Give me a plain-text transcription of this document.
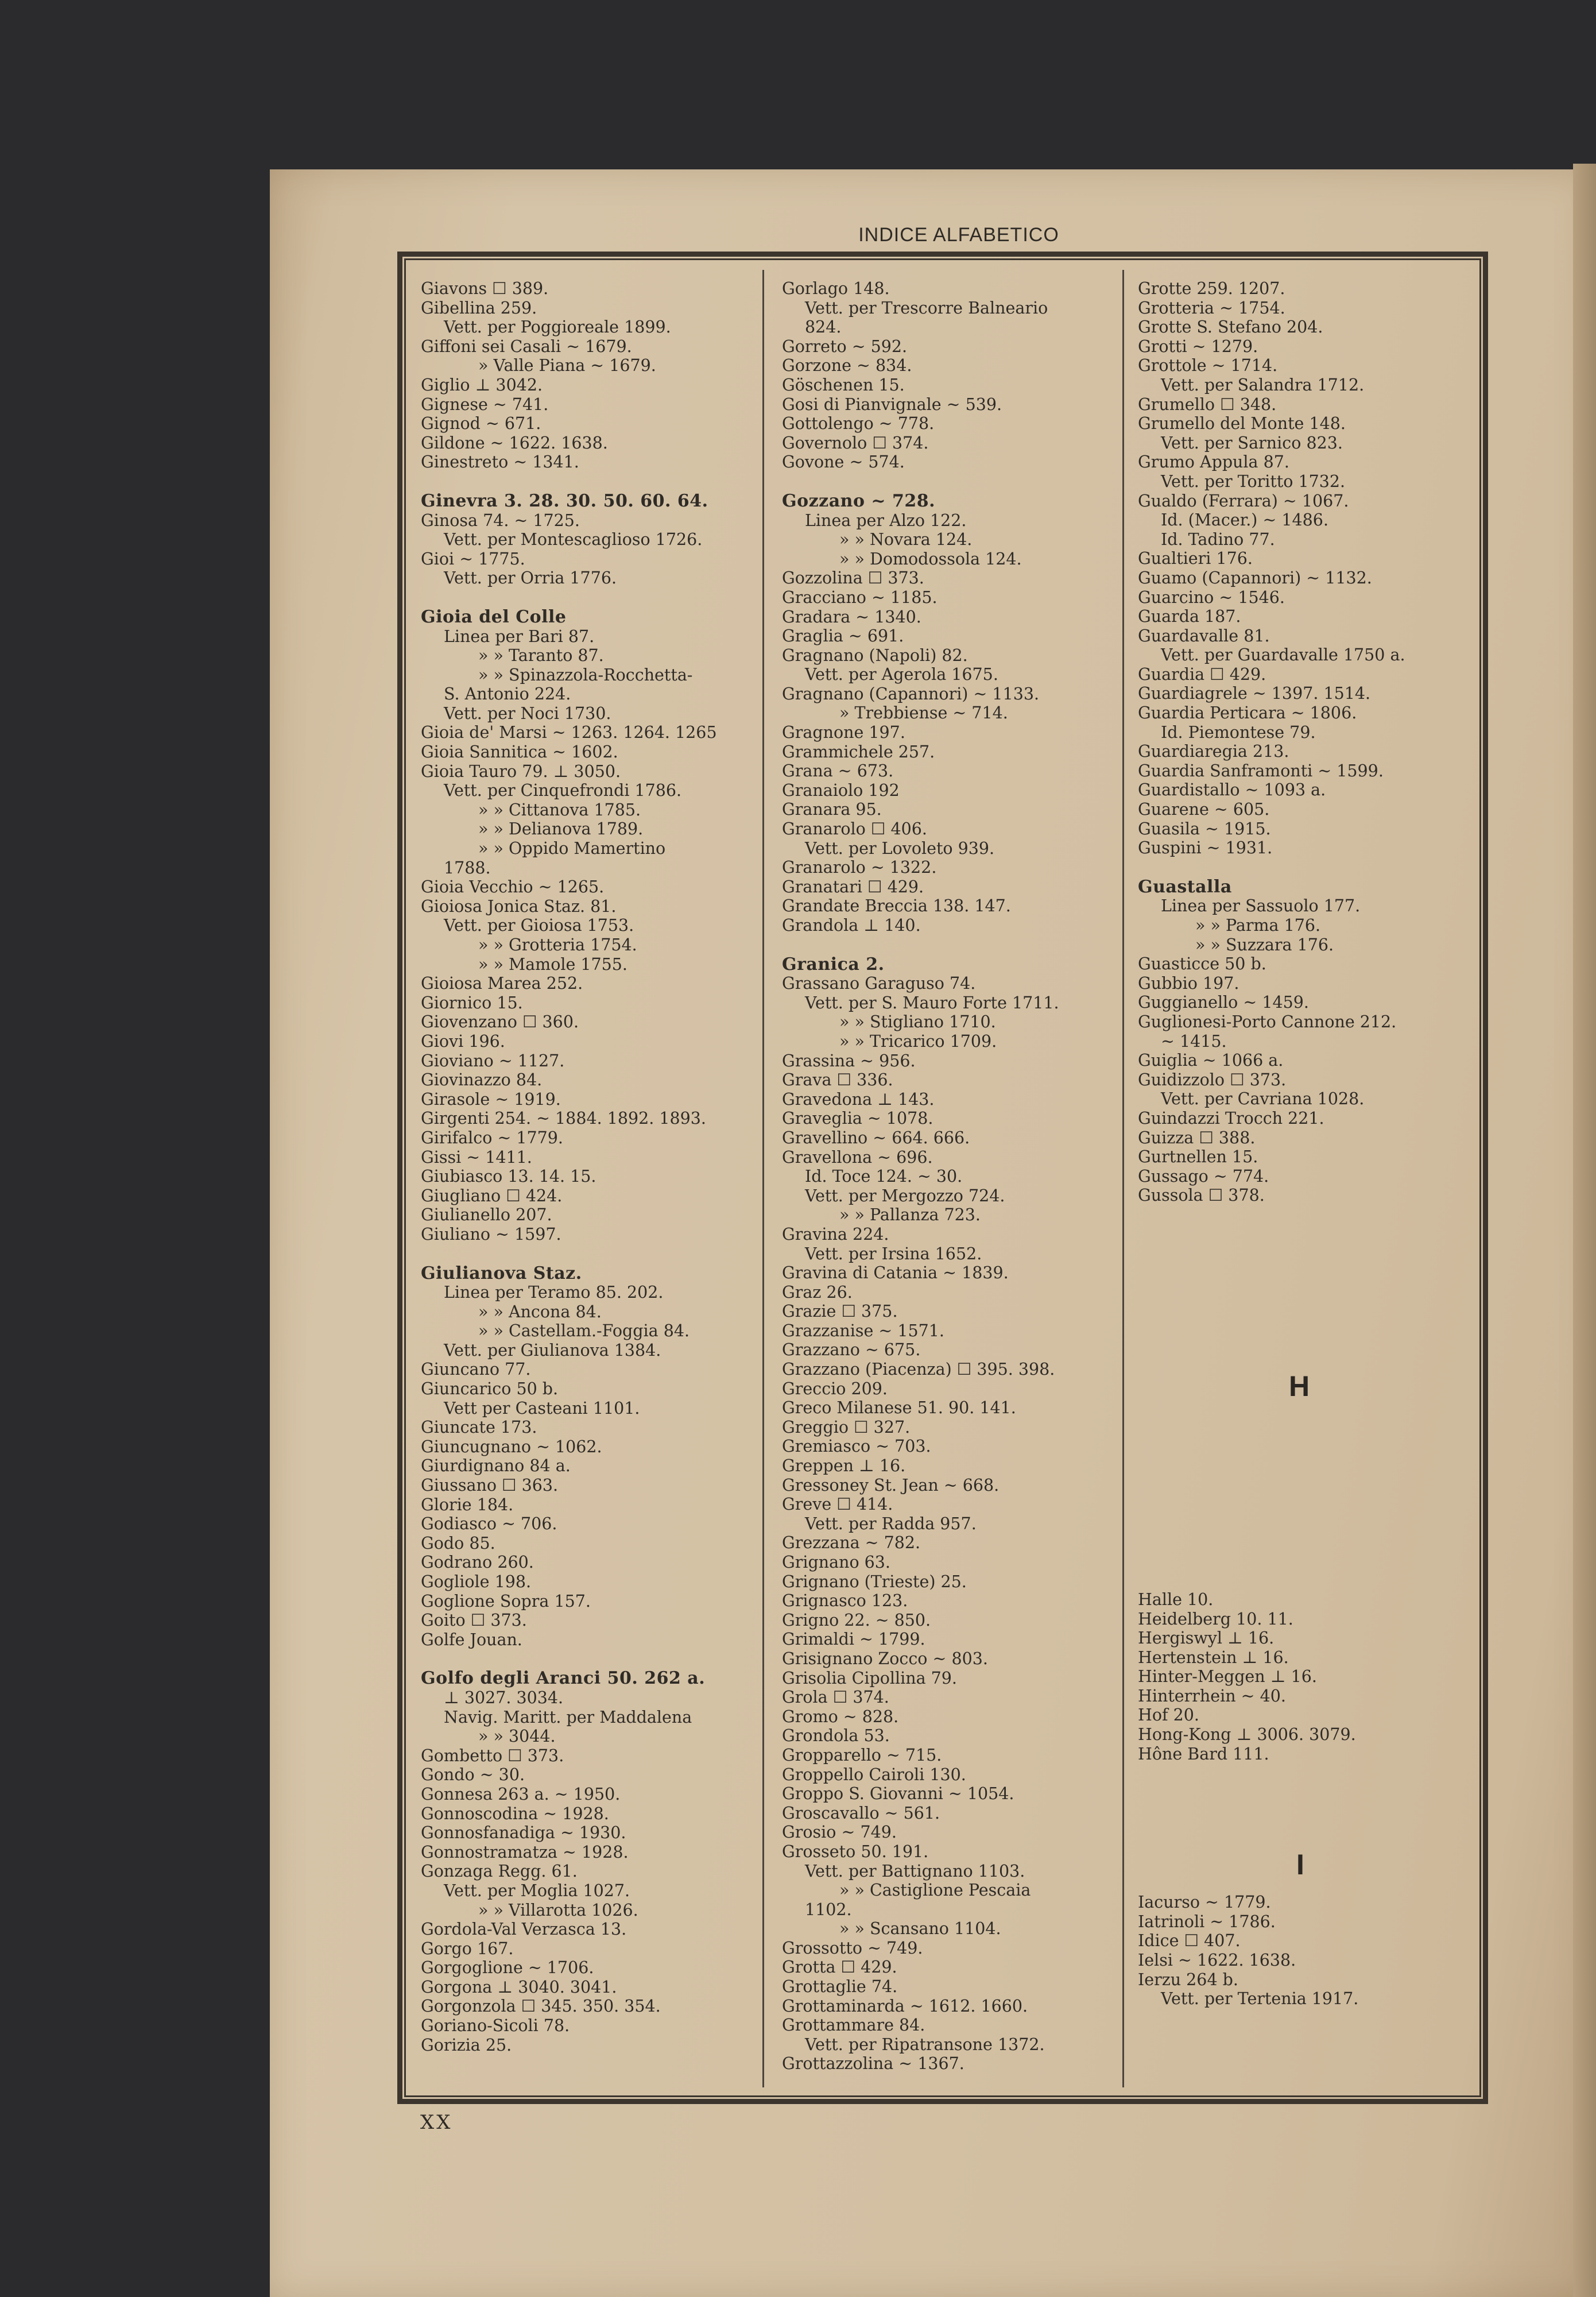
INDICE ALFABETICO
Giavons ☐ 389.
Gibellina 259.
Vett. per Poggioreale 1899.
Giffoni sei Casali ~ 1679.
» Valle Piana ~ 1679.
Giglio ⊥ 3042.
Gignese ~ 741.
Gignod ~ 671.
Gildone ~ 1622. 1638.
Ginestreto ~ 1341.
Ginevra 3. 28. 30. 50. 60. 64.
Ginosa 74. ~ 1725.
Vett. per Montescaglioso 1726.
Gioi ~ 1775.
Vett. per Orria 1776.
Gioia del Colle
Linea per Bari 87.
» » Taranto 87.
» » Spinazzola-Rocchetta-
S. Antonio 224.
Vett. per Noci 1730.
Gioia de' Marsi ~ 1263. 1264. 1265
Gioia Sannitica ~ 1602.
Gioia Tauro 79. ⊥ 3050.
Vett. per Cinquefrondi 1786.
» » Cittanova 1785.
» » Delianova 1789.
» » Oppido Mamertino
1788.
Gioia Vecchio ~ 1265.
Gioiosa Jonica Staz. 81.
Vett. per Gioiosa 1753.
» » Grotteria 1754.
» » Mamole 1755.
Gioiosa Marea 252.
Giornico 15.
Giovenzano ☐ 360.
Giovi 196.
Gioviano ~ 1127.
Giovinazzo 84.
Girasole ~ 1919.
Girgenti 254. ~ 1884. 1892. 1893.
Girifalco ~ 1779.
Gissi ~ 1411.
Giubiasco 13. 14. 15.
Giugliano ☐ 424.
Giulianello 207.
Giuliano ~ 1597.
Giulianova Staz.
Linea per Teramo 85. 202.
» » Ancona 84.
» » Castellam.-Foggia 84.
Vett. per Giulianova 1384.
Giuncano 77.
Giuncarico 50 b.
Vett per Casteani 1101.
Giuncate 173.
Giuncugnano ~ 1062.
Giurdignano 84 a.
Giussano ☐ 363.
Glorie 184.
Godiasco ~ 706.
Godo 85.
Godrano 260.
Gogliole 198.
Goglione Sopra 157.
Goito ☐ 373.
Golfe Jouan.
Golfo degli Aranci 50. 262 a.
⊥ 3027. 3034.
Navig. Maritt. per Maddalena
» » 3044.
Gombetto ☐ 373.
Gondo ~ 30.
Gonnesa 263 a. ~ 1950.
Gonnoscodina ~ 1928.
Gonnosfanadiga ~ 1930.
Gonnostramatza ~ 1928.
Gonzaga Regg. 61.
Vett. per Moglia 1027.
» » Villarotta 1026.
Gordola-Val Verzasca 13.
Gorgo 167.
Gorgoglione ~ 1706.
Gorgona ⊥ 3040. 3041.
Gorgonzola ☐ 345. 350. 354.
Goriano-Sicoli 78.
Gorizia 25.
Gorlago 148.
Vett. per Trescorre Balneario
824.
Gorreto ~ 592.
Gorzone ~ 834.
Göschenen 15.
Gosi di Pianvignale ~ 539.
Gottolengo ~ 778.
Governolo ☐ 374.
Govone ~ 574.
Gozzano ~ 728.
Linea per Alzo 122.
» » Novara 124.
» » Domodossola 124.
Gozzolina ☐ 373.
Gracciano ~ 1185.
Gradara ~ 1340.
Graglia ~ 691.
Gragnano (Napoli) 82.
Vett. per Agerola 1675.
Gragnano (Capannori) ~ 1133.
» Trebbiense ~ 714.
Gragnone 197.
Grammichele 257.
Grana ~ 673.
Granaiolo 192
Granara 95.
Granarolo ☐ 406.
Vett. per Lovoleto 939.
Granarolo ~ 1322.
Granatari ☐ 429.
Grandate Breccia 138. 147.
Grandola ⊥ 140.
Granica 2.
Grassano Garaguso 74.
Vett. per S. Mauro Forte 1711.
» » Stigliano 1710.
» » Tricarico 1709.
Grassina ~ 956.
Grava ☐ 336.
Gravedona ⊥ 143.
Graveglia ~ 1078.
Gravellino ~ 664. 666.
Gravellona ~ 696.
Id. Toce 124. ~ 30.
Vett. per Mergozzo 724.
» » Pallanza 723.
Gravina 224.
Vett. per Irsina 1652.
Gravina di Catania ~ 1839.
Graz 26.
Grazie ☐ 375.
Grazzanise ~ 1571.
Grazzano ~ 675.
Grazzano (Piacenza) ☐ 395. 398.
Greccio 209.
Greco Milanese 51. 90. 141.
Greggio ☐ 327.
Gremiasco ~ 703.
Greppen ⊥ 16.
Gressoney St. Jean ~ 668.
Greve ☐ 414.
Vett. per Radda 957.
Grezzana ~ 782.
Grignano 63.
Grignano (Trieste) 25.
Grignasco 123.
Grigno 22. ~ 850.
Grimaldi ~ 1799.
Grisignano Zocco ~ 803.
Grisolia Cipollina 79.
Grola ☐ 374.
Gromo ~ 828.
Grondola 53.
Gropparello ~ 715.
Groppello Cairoli 130.
Groppo S. Giovanni ~ 1054.
Groscavallo ~ 561.
Grosio ~ 749.
Grosseto 50. 191.
Vett. per Battignano 1103.
» » Castiglione Pescaia
1102.
» » Scansano 1104.
Grossotto ~ 749.
Grotta ☐ 429.
Grottaglie 74.
Grottaminarda ~ 1612. 1660.
Grottammare 84.
Vett. per Ripatransone 1372.
Grottazzolina ~ 1367.
Grotte 259. 1207.
Grotteria ~ 1754.
Grotte S. Stefano 204.
Grotti ~ 1279.
Grottole ~ 1714.
Vett. per Salandra 1712.
Grumello ☐ 348.
Grumello del Monte 148.
Vett. per Sarnico 823.
Grumo Appula 87.
Vett. per Toritto 1732.
Gualdo (Ferrara) ~ 1067.
Id. (Macer.) ~ 1486.
Id. Tadino 77.
Gualtieri 176.
Guamo (Capannori) ~ 1132.
Guarcino ~ 1546.
Guarda 187.
Guardavalle 81.
Vett. per Guardavalle 1750 a.
Guardia ☐ 429.
Guardiagrele ~ 1397. 1514.
Guardia Perticara ~ 1806.
Id. Piemontese 79.
Guardiaregia 213.
Guardia Sanframonti ~ 1599.
Guardistallo ~ 1093 a.
Guarene ~ 605.
Guasila ~ 1915.
Guspini ~ 1931.
Guastalla
Linea per Sassuolo 177.
» » Parma 176.
» » Suzzara 176.
Guasticce 50 b.
Gubbio 197.
Guggianello ~ 1459.
Guglionesi-Porto Cannone 212.
~ 1415.
Guiglia ~ 1066 a.
Guidizzolo ☐ 373.
Vett. per Cavriana 1028.
Guindazzi Trocch 221.
Guizza ☐ 388.
Gurtnellen 15.
Gussago ~ 774.
Gussola ☐ 378.
Halle 10.
Heidelberg 10. 11.
Hergiswyl ⊥ 16.
Hertenstein ⊥ 16.
Hinter-Meggen ⊥ 16.
Hinterrhein ~ 40.
Hof 20.
Hong-Kong ⊥ 3006. 3079.
Hône Bard 111.
Iacurso ~ 1779.
Iatrinoli ~ 1786.
Idice ☐ 407.
Ielsi ~ 1622. 1638.
Ierzu 264 b.
Vett. per Tertenia 1917.
H
I
XX
